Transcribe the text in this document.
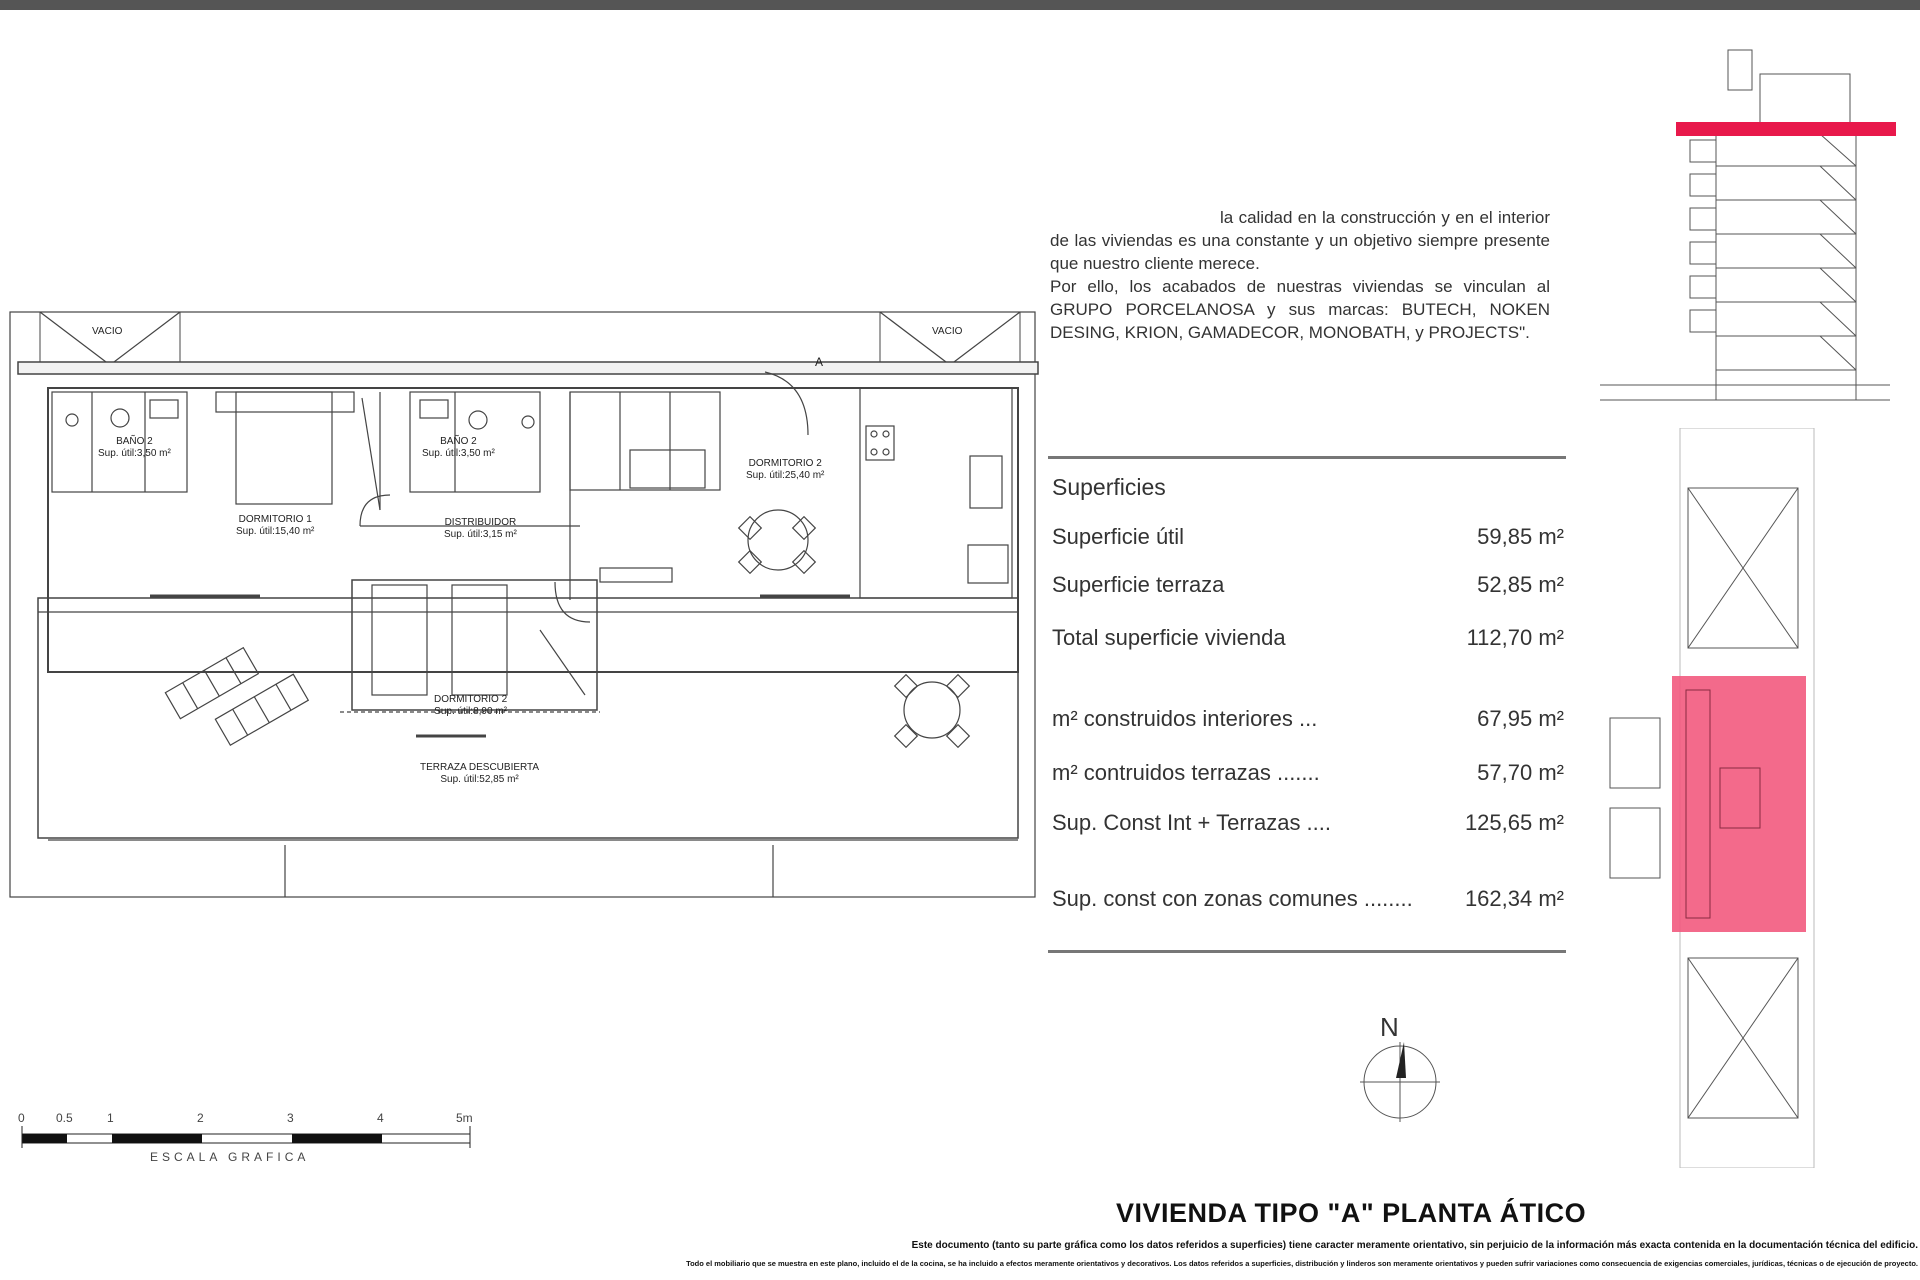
VACIO	VACIO
A
BAÑO 2
Sup. útil:3,50 m²
BAÑO 2
Sup. útil:3,50 m²
DORMITORIO 1
Sup. útil:15,40 m²
DISTRIBUIDOR
Sup. útil:3,15 m²
DORMITORIO 2
Sup. útil:25,40 m²
DORMITORIO 2
Sup. útil:8,90 m²
TERRAZA DESCUBIERTA
Sup. útil:52,85 m²

la calidad en la construcción y en el interior de las viviendas es una constante y un objetivo siempre presente que nuestro cliente merece.

Por ello, los acabados de nuestras viviendas se vinculan al GRUPO PORCELANOSA y sus marcas: BUTECH, NOKEN DESING, KRION, GAMADECOR, MONOBATH, y PROJECTS".

Superficies
Superficie útil	59,85 m²
Superficie terraza	52,85 m²
Total superficie vivienda	112,70 m²
m² construidos interiores ...	67,95 m²
m² contruidos terrazas .......	57,70 m²
Sup. Const Int + Terrazas ....	125,65 m²
Sup. const con zonas comunes ........ 162,34 m²
N
0	0.5	1	2	3	4	5m
ESCALA GRAFICA
VIVIENDA TIPO "A" PLANTA ÁTICO
Este documento (tanto su parte gráfica como los datos referidos a superficies) tiene caracter meramente orientativo, sin perjuicio de la información más exacta contenida en la documentación técnica del edificio.
Todo el mobiliario que se muestra en este plano, incluido el de la cocina, se ha incluido a efectos meramente orientativos y decorativos. Los datos referidos a superficies, distribución y linderos son meramente orientativos y pueden sufrir variaciones como consecuencia de exigencias comerciales, jurídicas, técnicas o de ejecución de proyecto.
